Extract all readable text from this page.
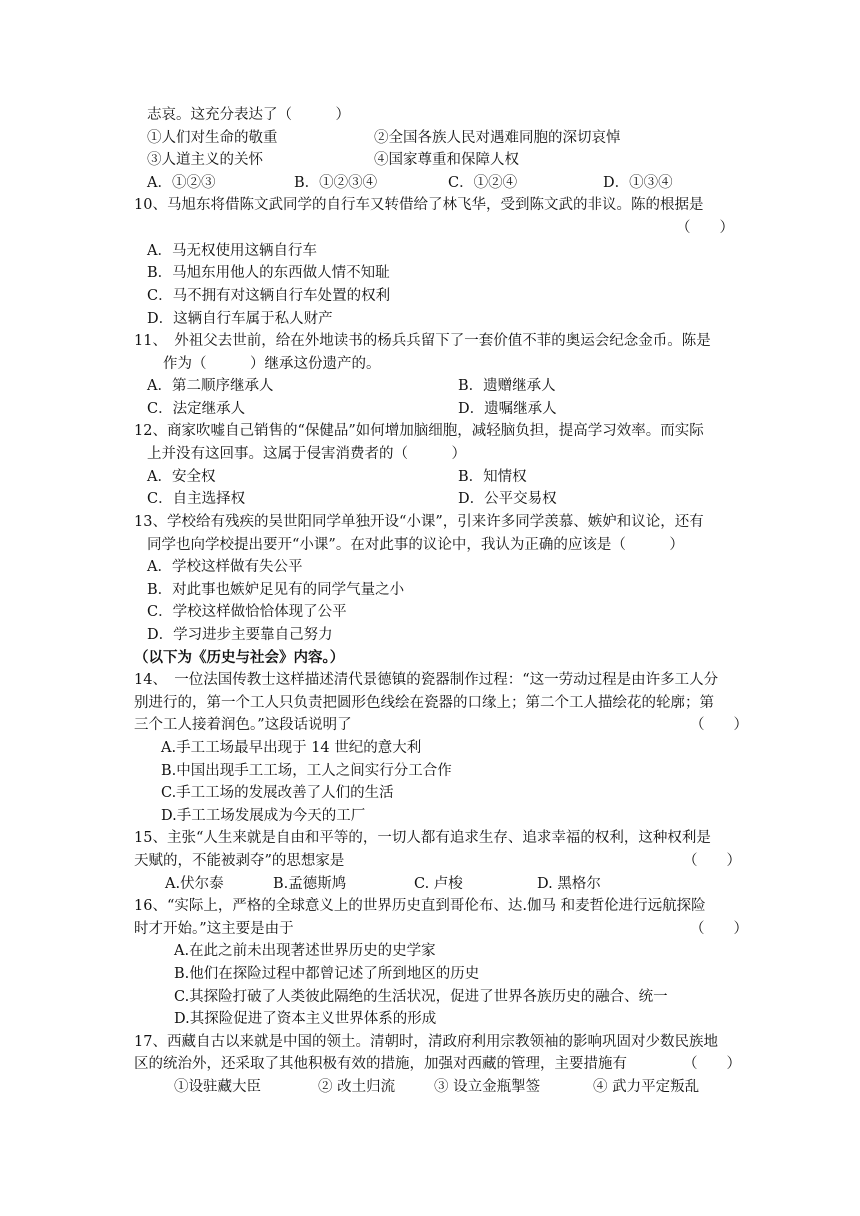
志哀。这充分表达了（　　　）
①人们对生命的敬重	②全国各族人民对遇难同胞的深切哀悼
③人道主义的关怀	④国家尊重和保障人权
A．①②③	B．①②③④	C．①②④	D．①③④
10、马旭东将借陈文武同学的自行车又转借给了林飞华，受到陈文武的非议。陈的根据是
（　　）
A．马无权使用这辆自行车
B．马旭东用他人的东西做人情不知耻
C．马不拥有对这辆自行车处置的权利
D．这辆自行车属于私人财产
11、　外祖父去世前，给在外地读书的杨兵兵留下了一套价值不菲的奥运会纪念金币。陈是
作为（　　　）继承这份遗产的。
A．第二顺序继承人	B．遗赠继承人
C．法定继承人	D．遗嘱继承人
12、商家吹嘘自己销售的“保健品”如何增加脑细胞，减轻脑负担，提高学习效率。而实际
上并没有这回事。这属于侵害消费者的（　　　）
A．安全权	B．知情权
C．自主选择权	D．公平交易权
13、学校给有残疾的吴世阳同学单独开设“小课”，引来许多同学羡慕、嫉妒和议论，还有
同学也向学校提出要开“小课”。在对此事的议论中，我认为正确的应该是（　　　）
A．学校这样做有失公平
B．对此事也嫉妒足见有的同学气量之小
C．学校这样做恰恰体现了公平
D．学习进步主要靠自己努力
（以下为《历史与社会》内容。）
14、　一位法国传教士这样描述清代景德镇的瓷器制作过程：“这一劳动过程是由许多工人分
别进行的，第一个工人只负责把圆形色线绘在瓷器的口缘上；第二个工人描绘花的轮廓；第
三个工人接着润色。”这段话说明了	（　　）
A.手工工场最早出现于 14 世纪的意大利
B.中国出现手工工场，工人之间实行分工合作
C.手工工场的发展改善了人们的生活
D.手工工场发展成为今天的工厂
15、主张“人生来就是自由和平等的，一切人都有追求生存、追求幸福的权利，这种权利是
天赋的，不能被剥夺”的思想家是	（　　）
A.伏尔泰	B.孟德斯鸠	C. 卢梭	D. 黑格尔
16、“实际上，严格的全球意义上的世界历史直到哥伦布、达.伽马 和麦哲伦进行远航探险
时才开始。”这主要是由于	（　　）
A.在此之前未出现著述世界历史的史学家
B.他们在探险过程中都曾记述了所到地区的历史
C.其探险打破了人类彼此隔绝的生活状况，促进了世界各族历史的融合、统一
D.其探险促进了资本主义世界体系的形成
17、西藏自古以来就是中国的领土。清朝时，清政府利用宗教领袖的影响巩固对少数民族地
区的统治外，还采取了其他积极有效的措施，加强对西藏的管理，主要措施有	（　　）
①设驻藏大臣	② 改土归流	③ 设立金瓶掣签	④ 武力平定叛乱
